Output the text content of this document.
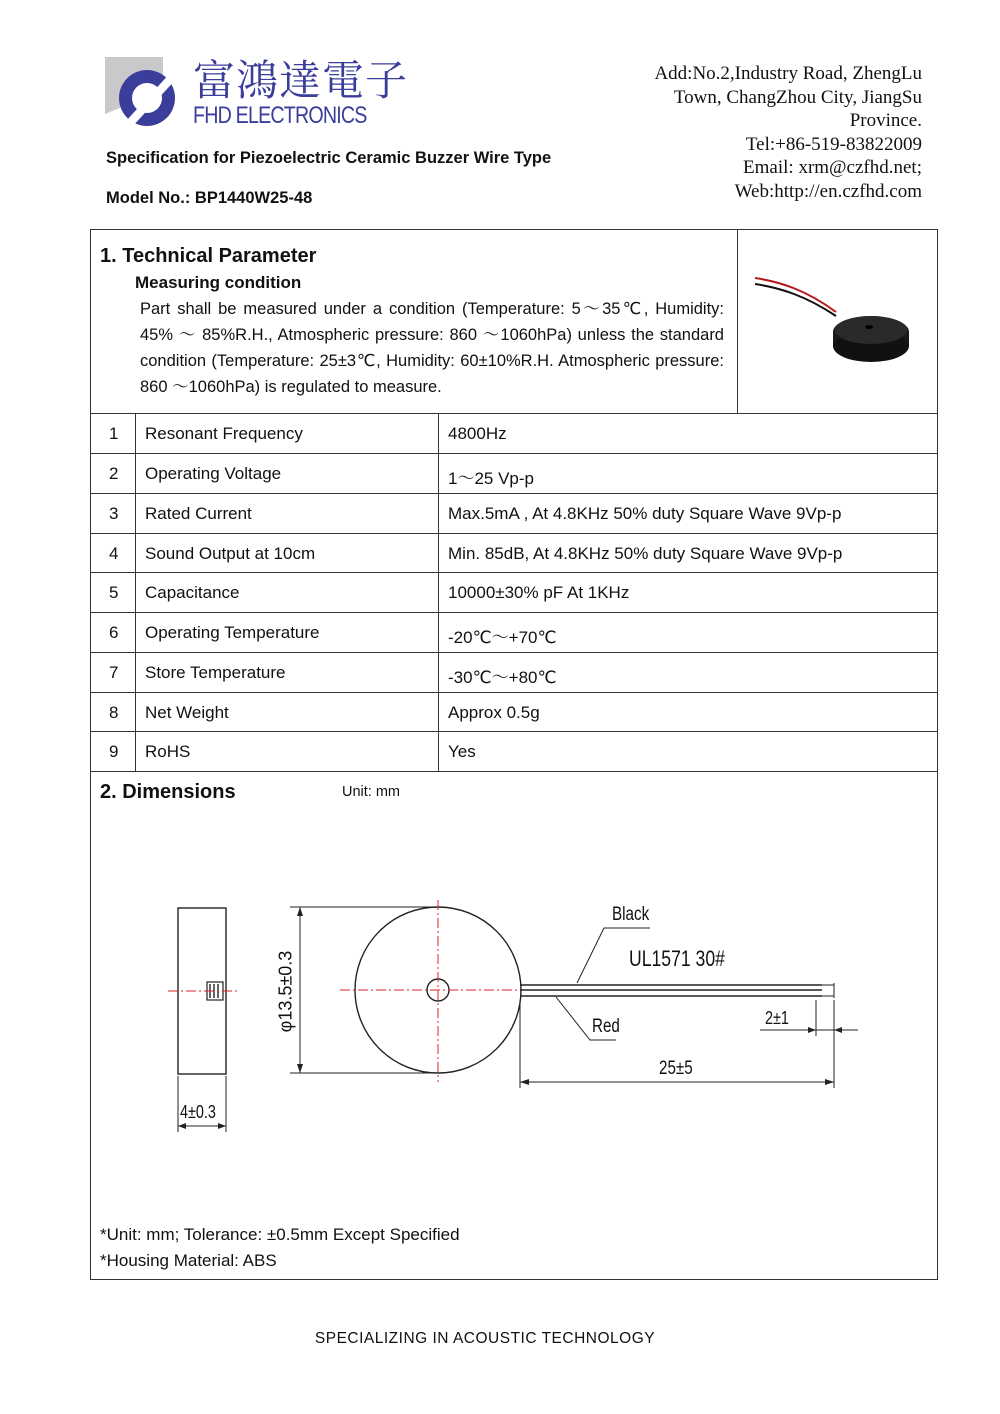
富鴻達電子
FHD ELECTRONICS
Add:No.2,Industry Road, ZhengLu
Town, ChangZhou City, JiangSu
Province.
Tel:+86-519-83822009
Email: xrm@czfhd.net;
Web:http://en.czfhd.com
Specification for Piezoelectric Ceramic Buzzer Wire Type
Model No.: BP1440W25-48
1. Technical Parameter
Measuring condition
Part shall be measured under a condition (Temperature: 5～35℃, Humidity: 45% ～ 85%R.H., Atmospheric pressure: 860 ～1060hPa) unless the standard condition (Temperature: 25±3℃, Humidity: 60±10%R.H. Atmospheric pressure: 860 ～1060hPa) is regulated to measure.
1 Resonant Frequency	4800Hz
2 Operating Voltage	1～25 Vp-p
3 Rated Current	Max.5mA , At 4.8KHz 50% duty Square Wave 9Vp-p
4 Sound Output at 10cm	Min. 85dB, At 4.8KHz 50% duty Square Wave 9Vp-p
5 Capacitance	10000±30% pF At 1KHz
6 Operating Temperature	-20℃～+70℃
7 Store Temperature	-30℃～+80℃
8 Net Weight	Approx 0.5g
9 RoHS	Yes
2. Dimensions	Unit: mm
*Unit: mm; Tolerance: ±0.5mm Except Specified
*Housing Material: ABS
Black
UL1571 30#
Red	2±1
25±5
4±0.3
φ13.5±0.3
SPECIALIZING IN ACOUSTIC TECHNOLOGY
